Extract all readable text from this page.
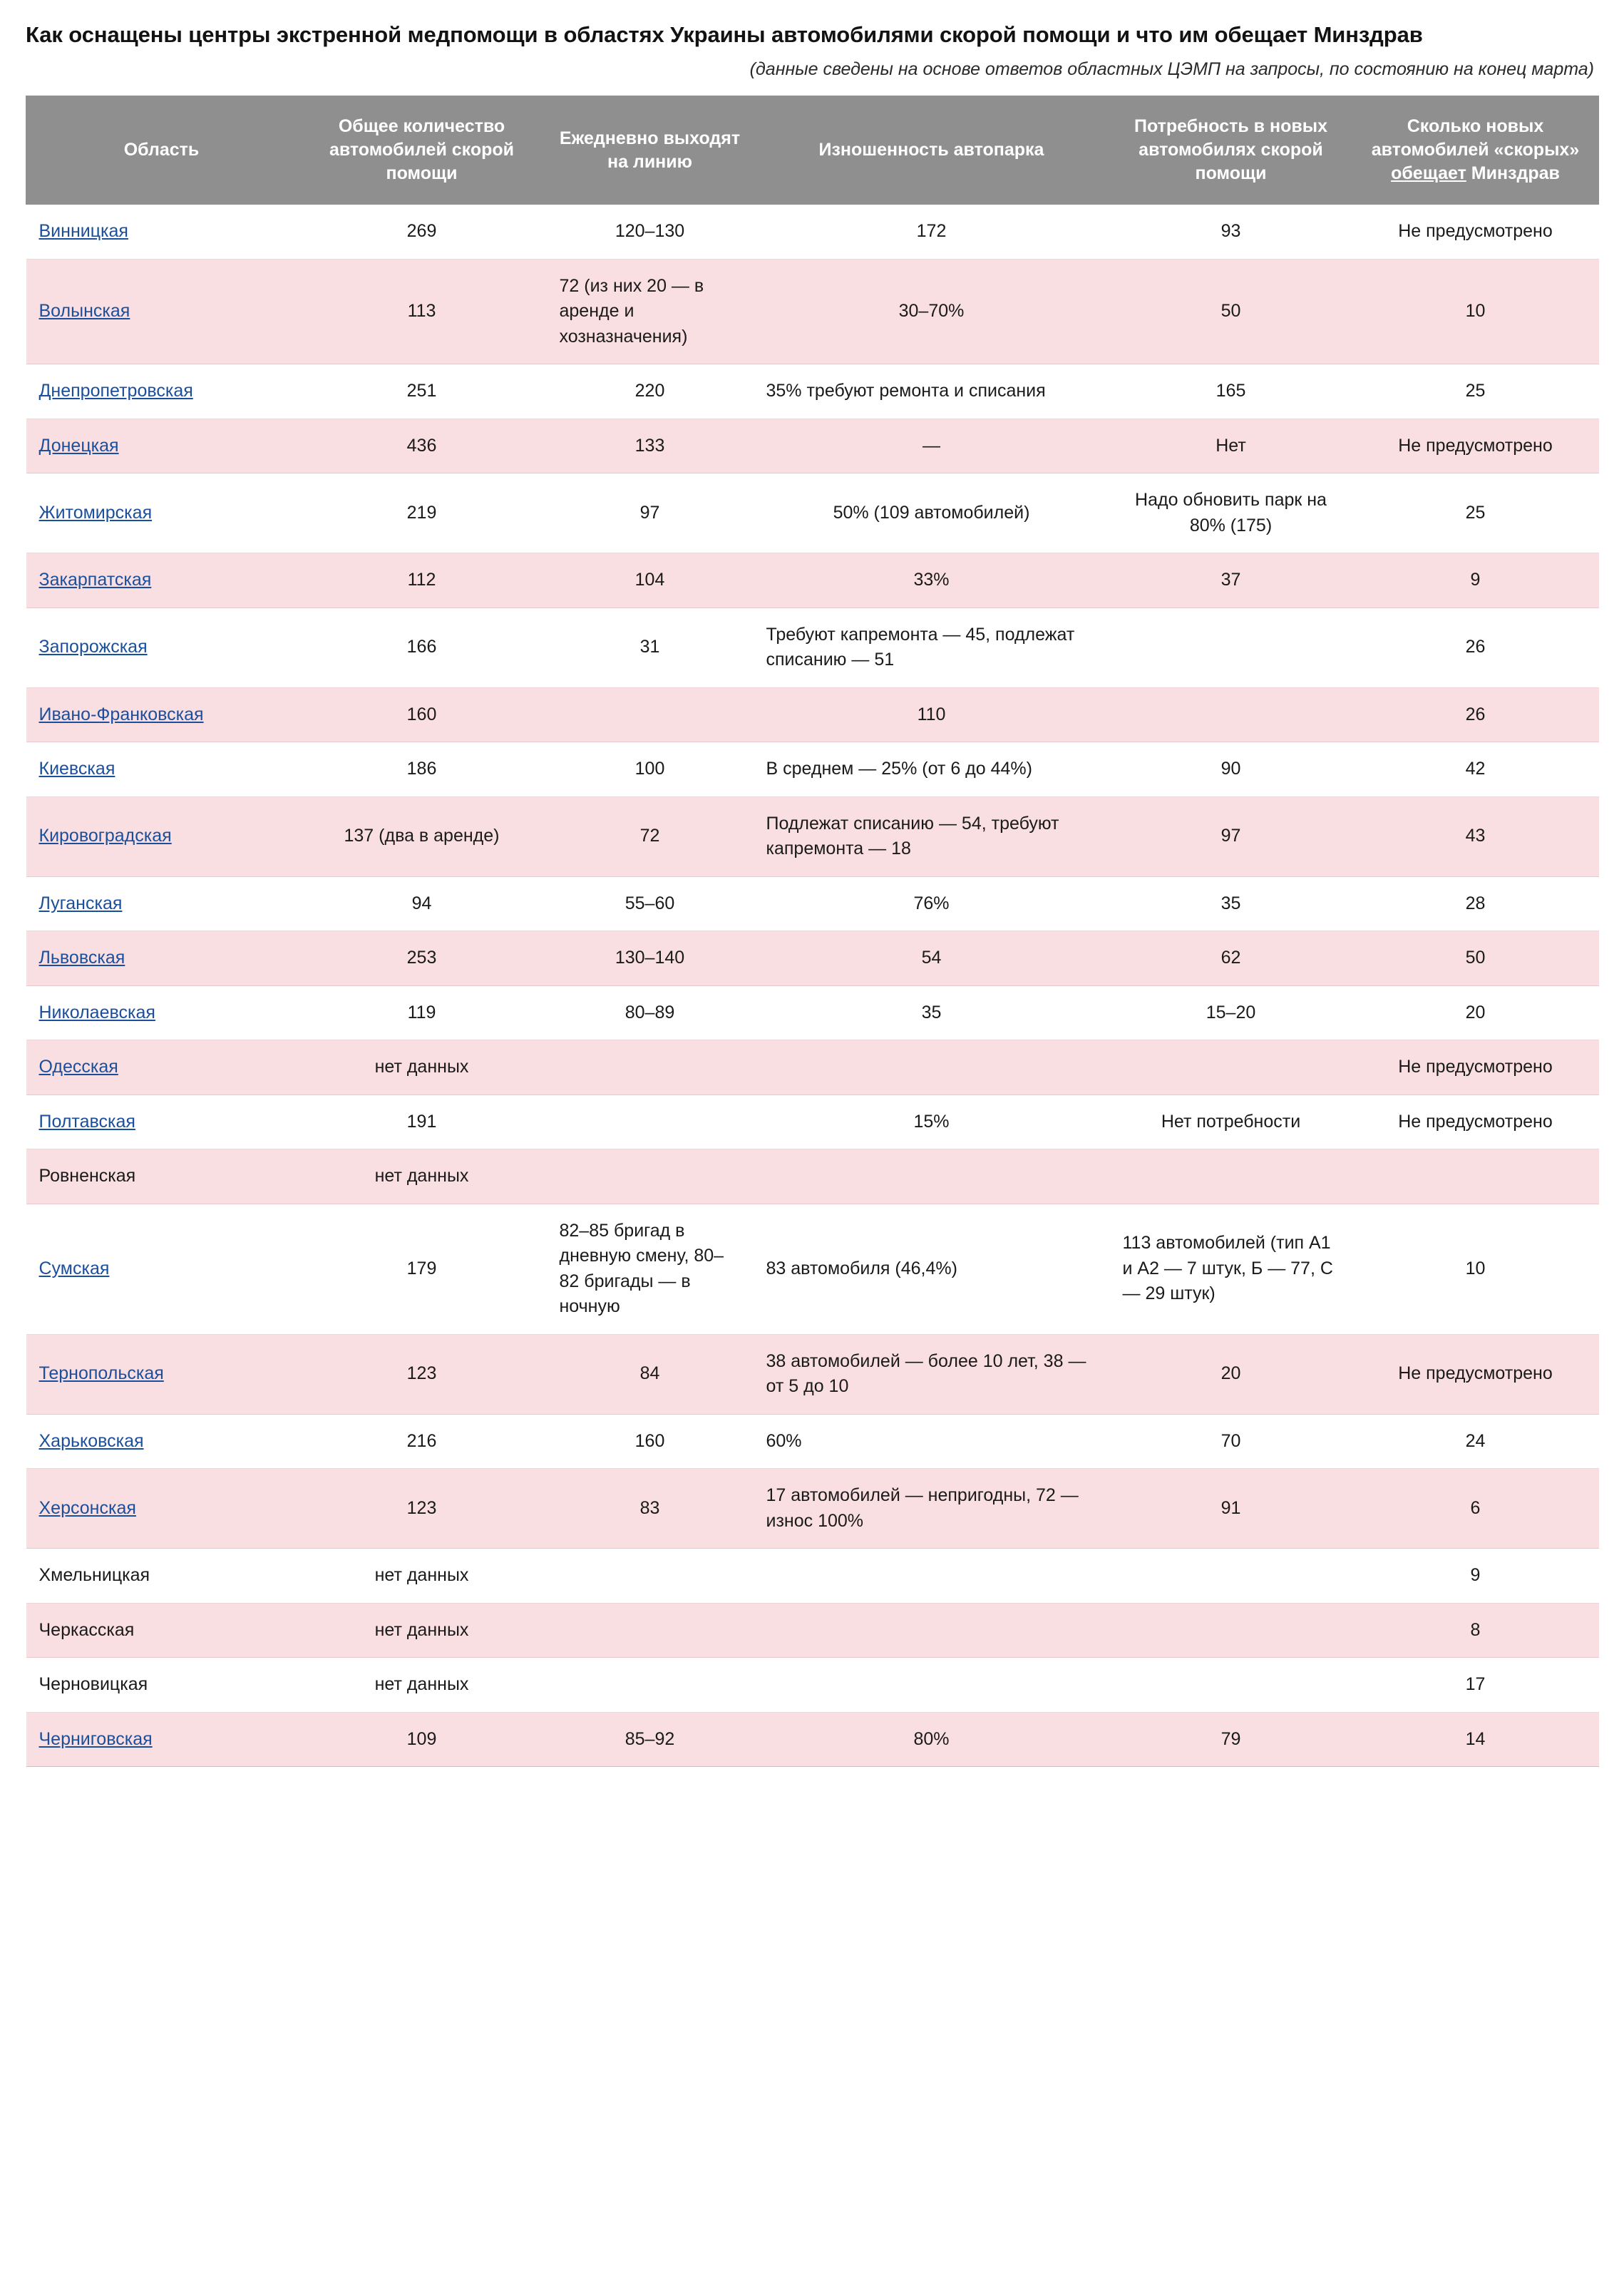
Как оснащены центры экстренной медпомощи в областях Украины автомобилями скорой помощи и что им обещает Минздрав
(данные сведены на основе ответов областных ЦЭМП на запросы, по состоянию на конец марта)
Область	Общее количество автомобилей скорой помощи	Ежедневно выходят на линию	Изношенность автопарка	Потребность в новых автомобилях скорой помощи	Сколько новых автомобилей «скорых» обещает Минздрав
Винницкая	269	120–130	172	93	Не предусмотрено
Волынская	113	72 (из них 20 — в аренде и хозназначения)	30–70%	50	10
Днепропетровская	251	220	35% требуют ремонта и списания	165	25
Донецкая	436	133	—	Нет	Не предусмотрено
Житомирская	219	97	50% (109 автомобилей)	Надо обновить парк на 80% (175)	25
Закарпатская	112	104	33%	37	9
Запорожская	166	31	Требуют капремонта — 45, подлежат списанию — 51		26
Ивано-Франковская	160		110		26
Киевская	186	100	В среднем — 25% (от 6 до 44%)	90	42
Кировоградская	137 (два в аренде)	72	Подлежат списанию — 54, требуют капремонта — 18	97	43
Луганская	94	55–60	76%	35	28
Львовская	253	130–140	54	62	50
Николаевская	119	80–89	35	15–20	20
Одесская	нет данных				Не предусмотрено
Полтавская	191		15%	Нет потребности	Не предусмотрено
Ровненская	нет данных				
Сумская	179	82–85 бригад в дневную смену, 80–82 бригады — в ночную	83 автомобиля (46,4%)	113 автомобилей (тип А1 и А2 — 7 штук, Б — 77, С — 29 штук)	10
Тернопольская	123	84	38 автомобилей — более 10 лет, 38 — от 5 до 10	20	Не предусмотрено
Харьковская	216	160	60%	70	24
Херсонская	123	83	17 автомобилей — непригодны, 72 — износ 100%	91	6
Хмельницкая	нет данных				9
Черкасская	нет данных				8
Черновицкая	нет данных				17
Черниговская	109	85–92	80%	79	14
